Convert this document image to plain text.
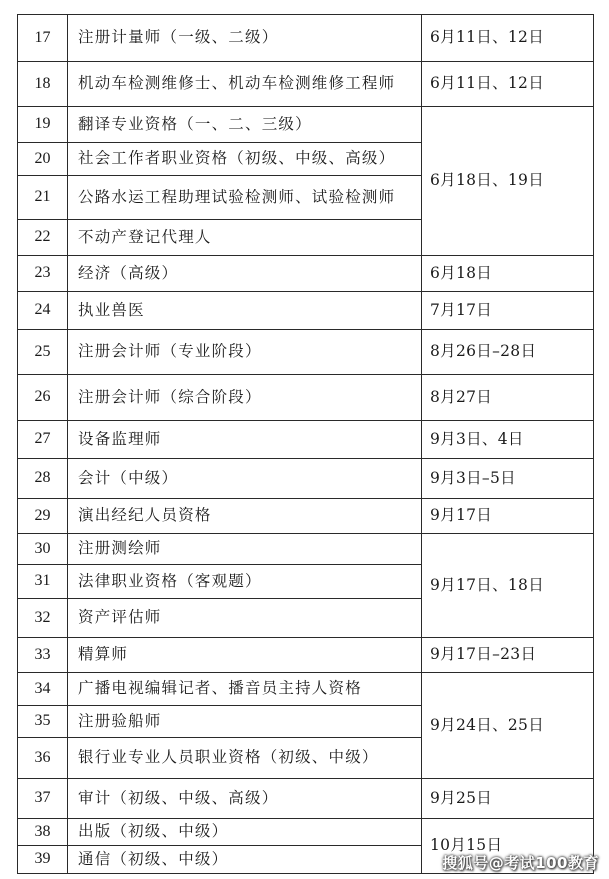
17	注册计量师（一级、二级）	6月11日、12日
18	机动车检测维修士、机动车检测维修工程师	6月11日、12日
19	翻译专业资格（一、二、三级）	6月18日、19日
20	社会工作者职业资格（初级、中级、高级）	
21	公路水运工程助理试验检测师、试验检测师	
22	不动产登记代理人	
23	经济（高级）	6月18日
24	执业兽医	7月17日
25	注册会计师（专业阶段）	8月26日–28日
26	注册会计师（综合阶段）	8月27日
27	设备监理师	9月3日、4日
28	会计（中级）	9月3日–5日
29	演出经纪人员资格	9月17日
30	注册测绘师	9月17日、18日
31	法律职业资格（客观题）	
32	资产评估师	
33	精算师	9月17日–23日
34	广播电视编辑记者、播音员主持人资格	9月24日、25日
35	注册验船师	
36	银行业专业人员职业资格（初级、中级）	
37	审计（初级、中级、高级）	9月25日
38	出版（初级、中级）	10月15日
39	通信（初级、中级）		搜狐号@考试100教育
